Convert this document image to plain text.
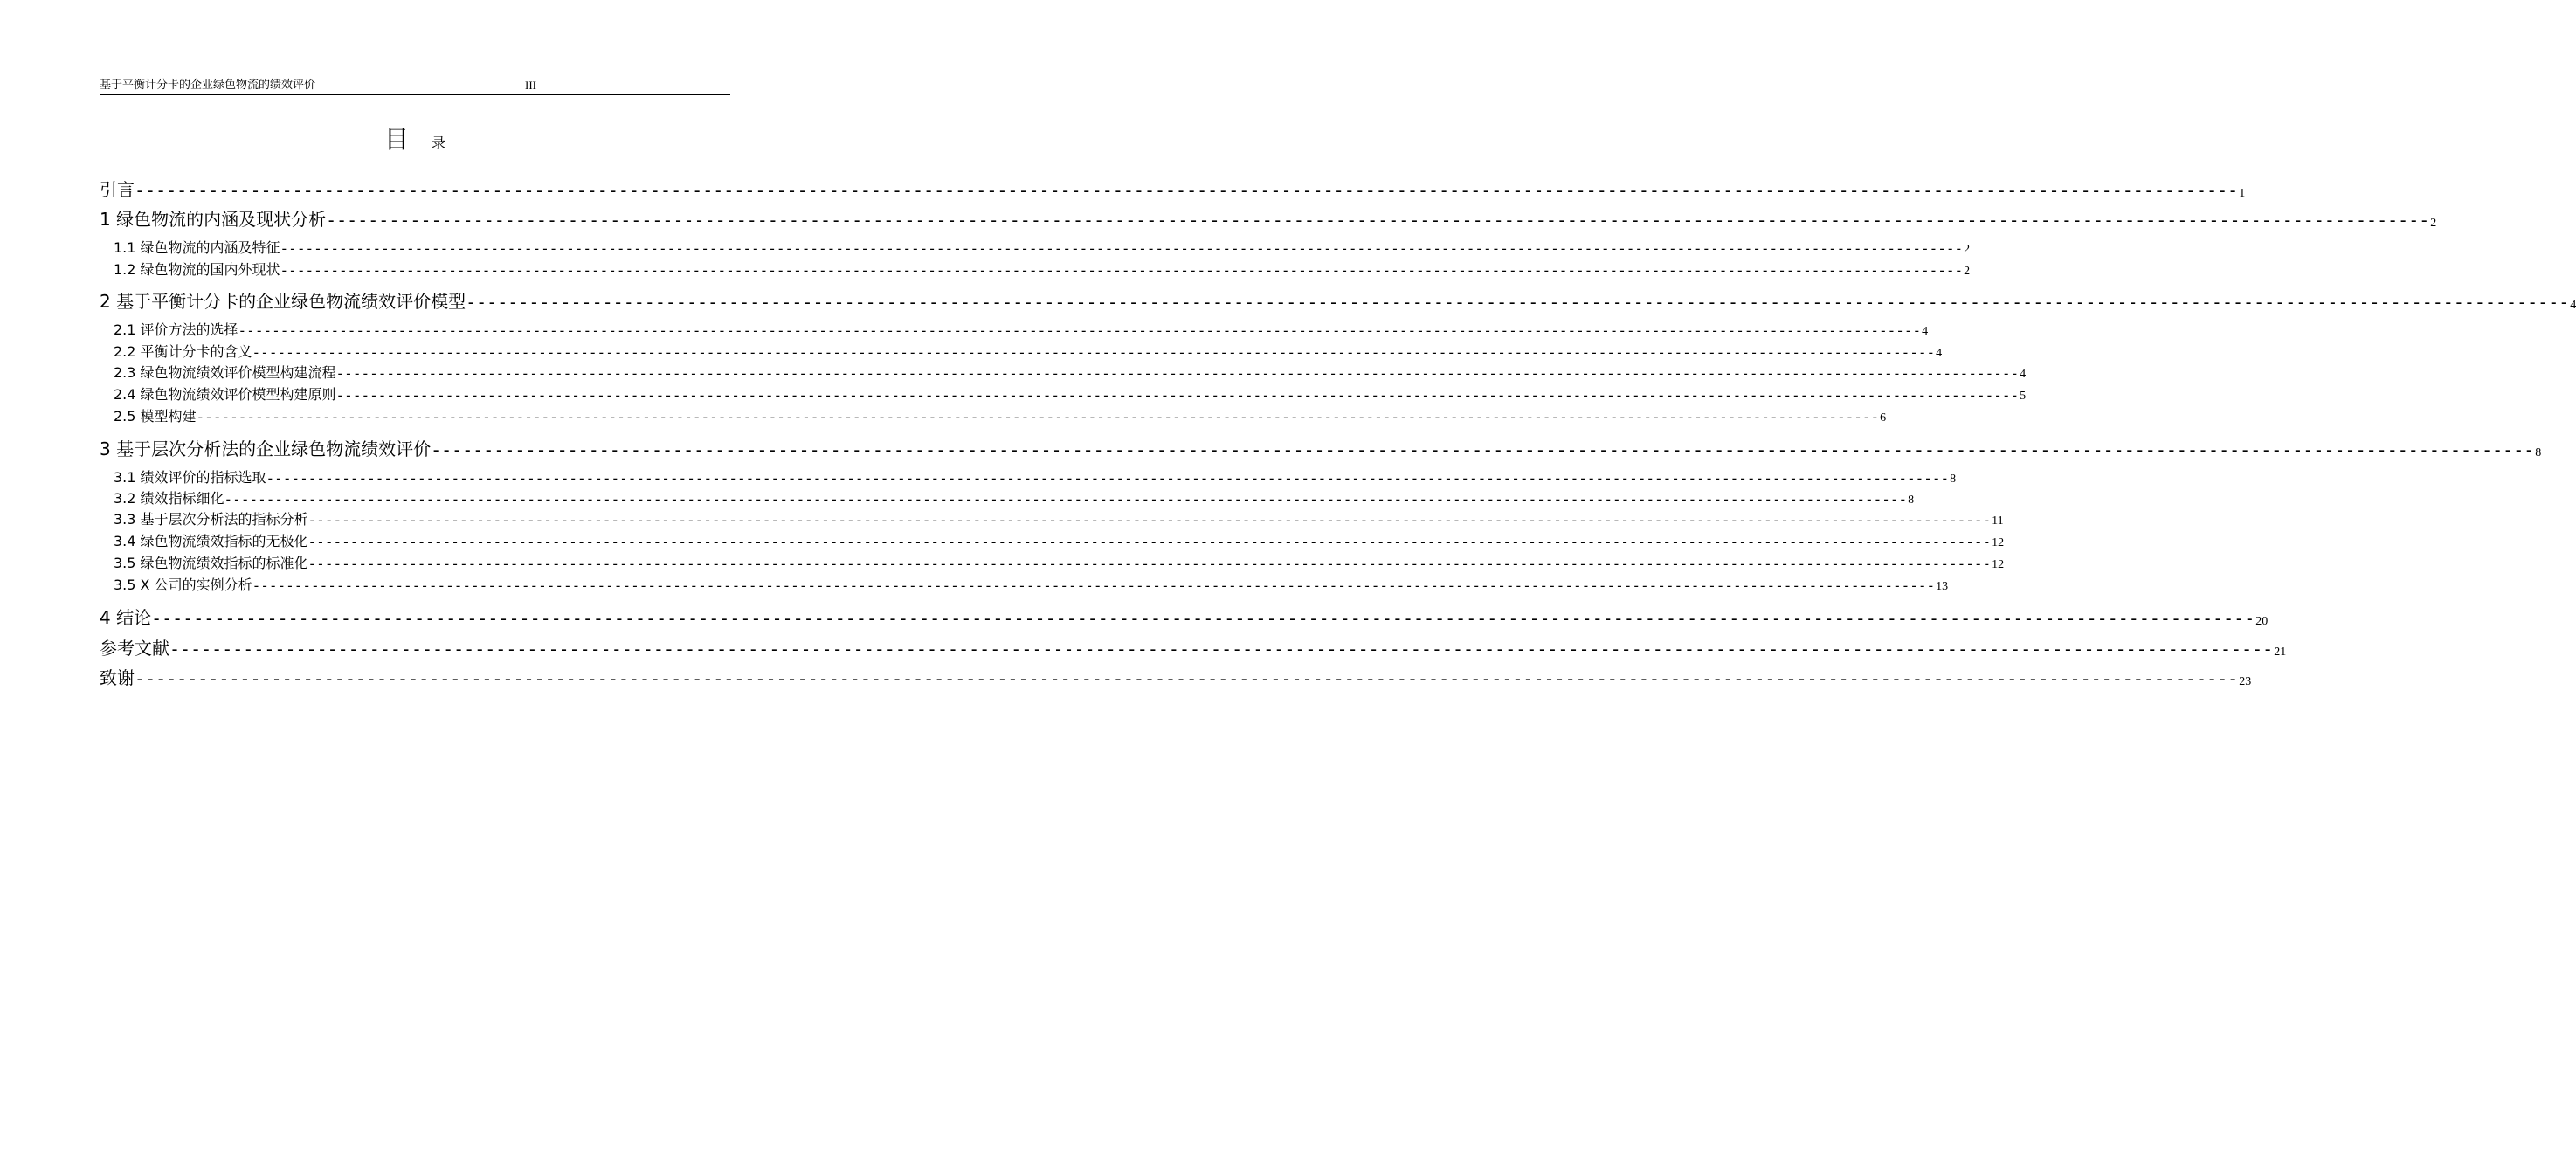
基于平衡计分卡的企业绿色物流的绩效评价	III
目 录
引言 -------------------------------------------------------------------------------------------------------------------------------------------------------------------------------------------------------- 1
1 绿色物流的内涵及现状分析 -------------------------------------------------------------------------------------------------------------------------------------------------------------------------------------------------------- 2
1.1 绿色物流的内涵及特征 -------------------------------------------------------------------------------------------------------------------------------------------------------------------------------------------------------- 2
1.2 绿色物流的国内外现状 -------------------------------------------------------------------------------------------------------------------------------------------------------------------------------------------------------- 2
2 基于平衡计分卡的企业绿色物流绩效评价模型 -------------------------------------------------------------------------------------------------------------------------------------------------------------------------------------------------------- 4
2.1 评价方法的选择 -------------------------------------------------------------------------------------------------------------------------------------------------------------------------------------------------------- 4
2.2 平衡计分卡的含义 -------------------------------------------------------------------------------------------------------------------------------------------------------------------------------------------------------- 4
2.3 绿色物流绩效评价模型构建流程 -------------------------------------------------------------------------------------------------------------------------------------------------------------------------------------------------------- 4
2.4 绿色物流绩效评价模型构建原则 -------------------------------------------------------------------------------------------------------------------------------------------------------------------------------------------------------- 5
2.5 模型构建 -------------------------------------------------------------------------------------------------------------------------------------------------------------------------------------------------------- 6
3 基于层次分析法的企业绿色物流绩效评价 -------------------------------------------------------------------------------------------------------------------------------------------------------------------------------------------------------- 8
3.1 绩效评价的指标选取 -------------------------------------------------------------------------------------------------------------------------------------------------------------------------------------------------------- 8
3.2 绩效指标细化 -------------------------------------------------------------------------------------------------------------------------------------------------------------------------------------------------------- 8
3.3 基于层次分析法的指标分析 -------------------------------------------------------------------------------------------------------------------------------------------------------------------------------------------------------- 11
3.4 绿色物流绩效指标的无极化 -------------------------------------------------------------------------------------------------------------------------------------------------------------------------------------------------------- 12
3.5 绿色物流绩效指标的标准化 -------------------------------------------------------------------------------------------------------------------------------------------------------------------------------------------------------- 12
3.5 X 公司的实例分析 -------------------------------------------------------------------------------------------------------------------------------------------------------------------------------------------------------- 13
4 结论 -------------------------------------------------------------------------------------------------------------------------------------------------------------------------------------------------------- 20
参考文献 -------------------------------------------------------------------------------------------------------------------------------------------------------------------------------------------------------- 21
致谢 -------------------------------------------------------------------------------------------------------------------------------------------------------------------------------------------------------- 23
